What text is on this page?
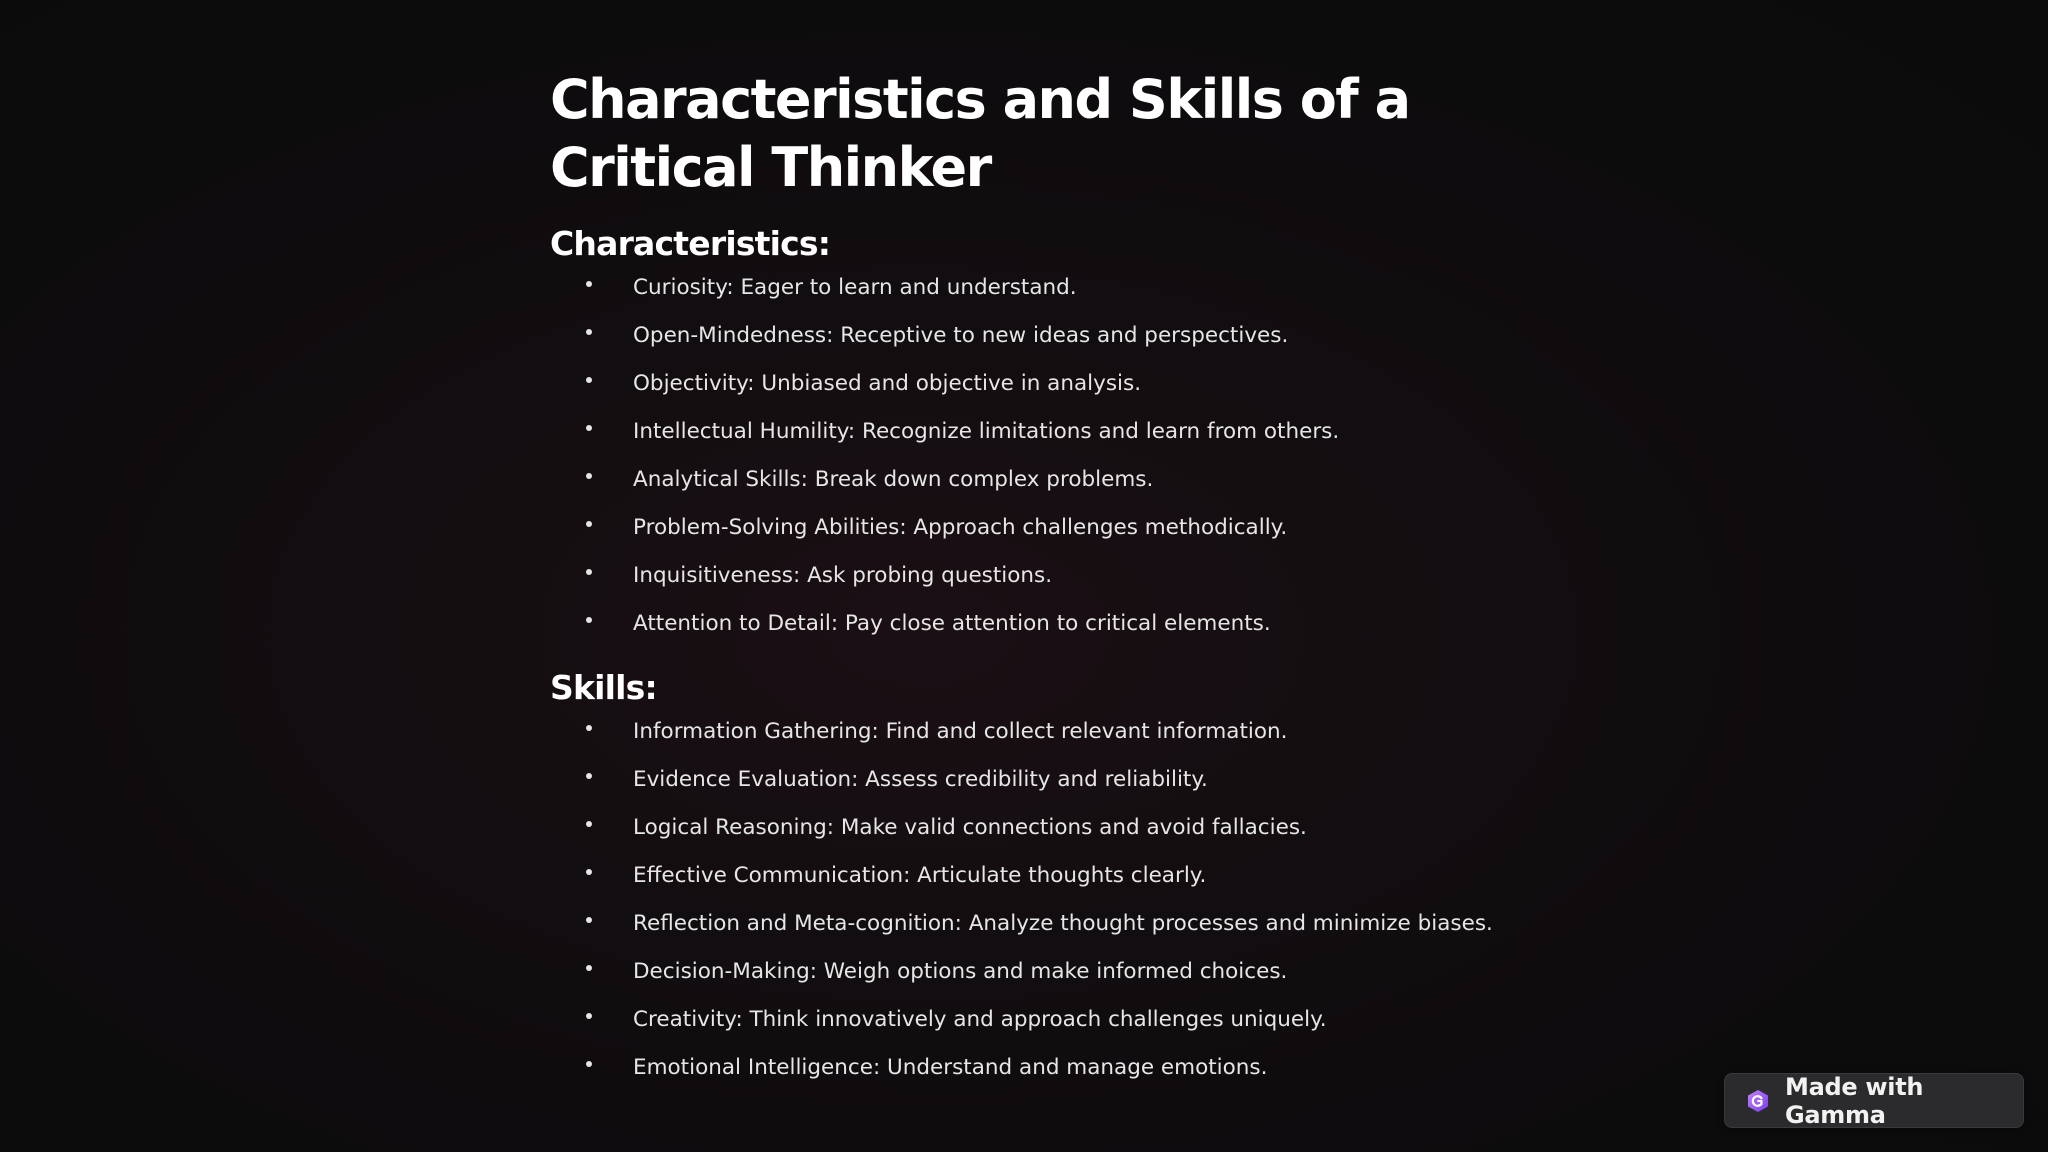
Characteristics and Skills of a Critical Thinker
Characteristics:
Curiosity: Eager to learn and understand.
Open-Mindedness: Receptive to new ideas and perspectives.
Objectivity: Unbiased and objective in analysis.
Intellectual Humility: Recognize limitations and learn from others.
Analytical Skills: Break down complex problems.
Problem-Solving Abilities: Approach challenges methodically.
Inquisitiveness: Ask probing questions.
Attention to Detail: Pay close attention to critical elements.
Skills:
Information Gathering: Find and collect relevant information.
Evidence Evaluation: Assess credibility and reliability.
Logical Reasoning: Make valid connections and avoid fallacies.
Effective Communication: Articulate thoughts clearly.
Reflection and Meta-cognition: Analyze thought processes and minimize biases.
Decision-Making: Weigh options and make informed choices.
Creativity: Think innovatively and approach challenges uniquely.
Emotional Intelligence: Understand and manage emotions.
Made with Gamma
